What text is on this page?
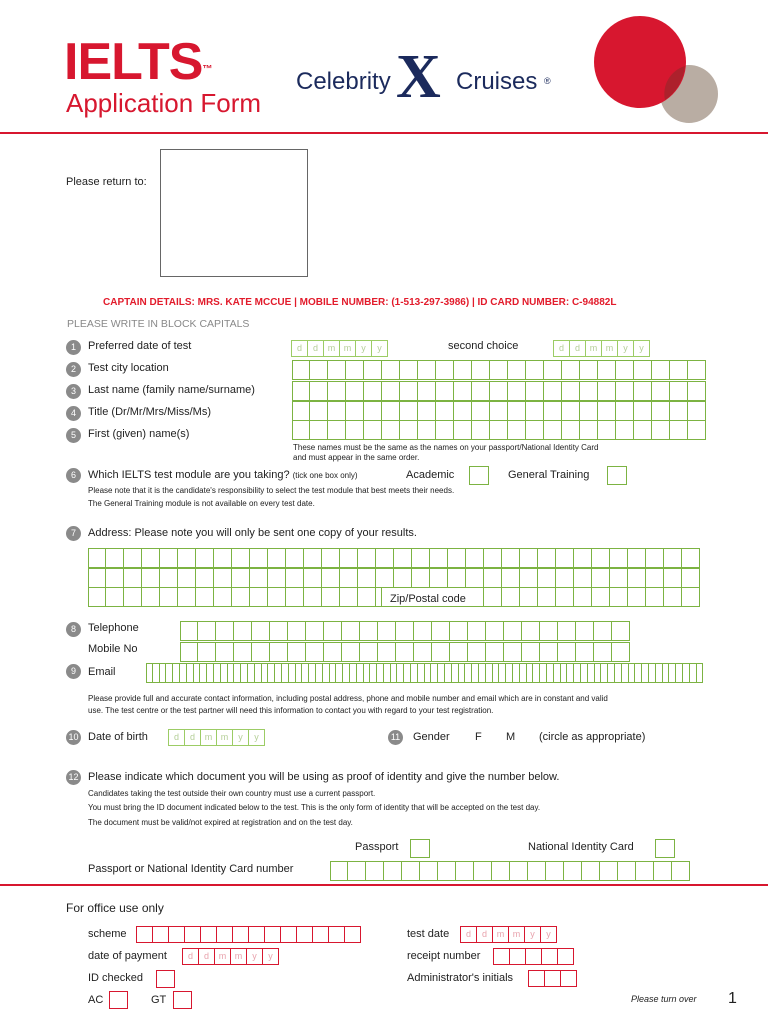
IELTS™
Application Form
Celebrity X Cruises ®
Please return to:
CAPTAIN DETAILS: MRS. KATE MCCUE | MOBILE NUMBER: (1-513-297-3986) | ID CARD NUMBER: C-94882L
PLEASE WRITE IN BLOCK CAPITALS
1	Preferred date of test	d	d	m m	y	y	second choice	d	d	m m	y	y
2	Test city location
3	Last name (family name/surname)
4	Title (Dr/Mr/Mrs/Miss/Ms)
5	First (given) name(s)
These names must be the same as the names on your passport/National Identity Card
and must appear in the same order.
6	Which IELTS test module are you taking? (tick one box only)	Academic	General Training
Please note that it is the candidate's responsibility to select the test module that best meets their needs.
The General Training module is not available on every test date.
7	Address: Please note you will only be sent one copy of your results.
Zip/Postal code
8	Telephone
Mobile No
9	Email
Please provide full and accurate contact information, including postal address, phone and mobile number and email which are in constant and valid
use. The test centre or the test partner will need this information to contact you with regard to your test registration.
10 Date of birth	d	d	m m	y	y	11 Gender F M (circle as appropriate)
12 Please indicate which document you will be using as proof of identity and give the number below.
Candidates taking the test outside their own country must use a current passport.
You must bring the ID document indicated below to the test. This is the only form of identity that will be accepted on the test day.
The document must be valid/not expired at registration and on the test day.
Passport	National Identity Card
Passport or National Identity Card number
For office use only
scheme
date of payment	d	d	m m	y	y
ID checked
AC	GT
test date	d	d	m m	y	y
receipt number
Administrator's initials
Please turn over 1
